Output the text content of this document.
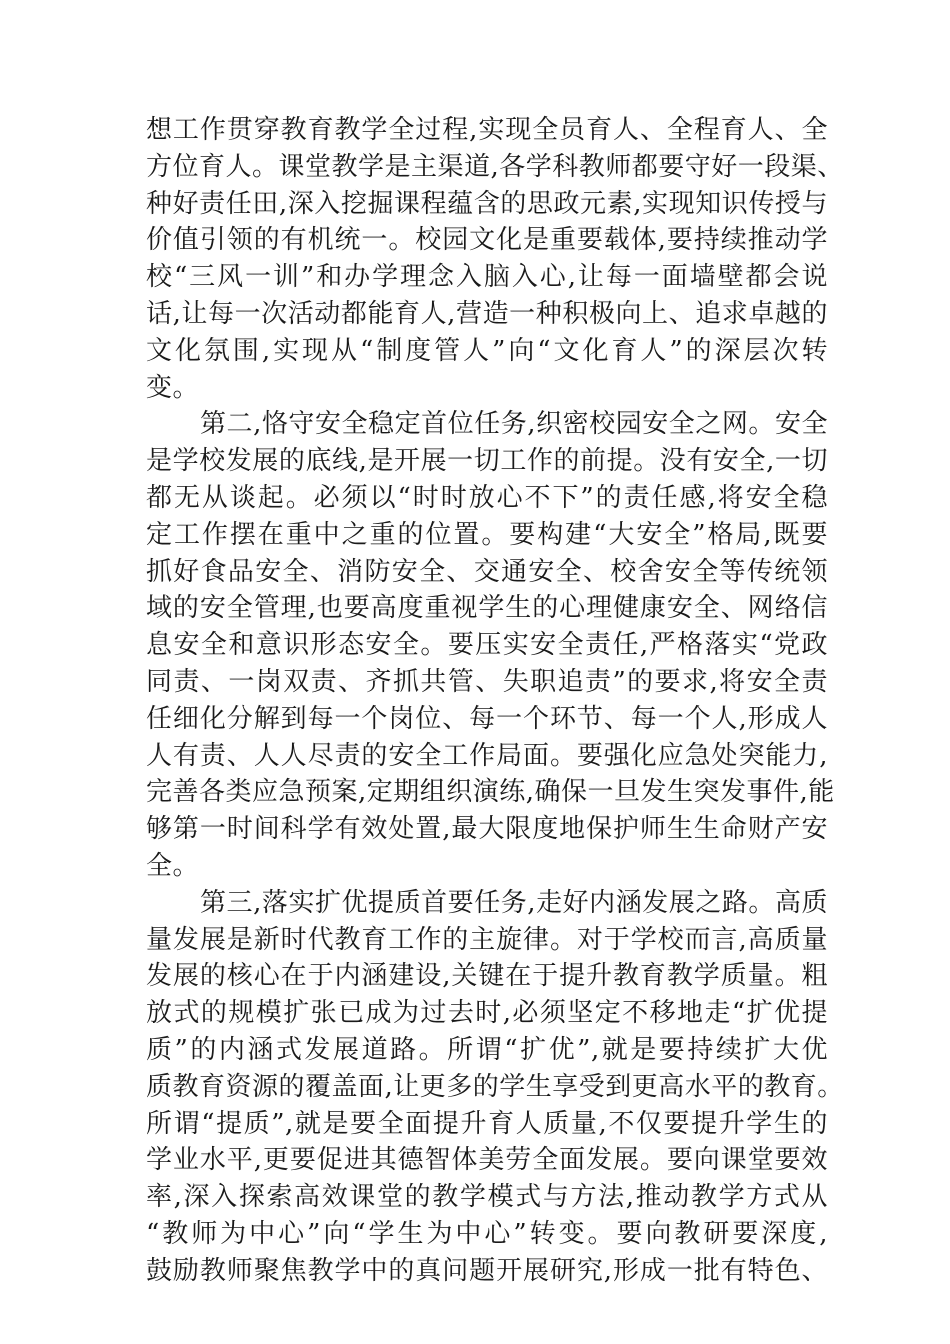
想工作贯穿教育教学全过程,实现全员育人、全程育人、全
方位育人。课堂教学是主渠道,各学科教师都要守好一段渠、
种好责任田,深入挖掘课程蕴含的思政元素,实现知识传授与
价值引领的有机统一。校园文化是重要载体,要持续推动学
校“三风一训”和办学理念入脑入心,让每一面墙壁都会说
话,让每一次活动都能育人,营造一种积极向上、追求卓越的
文化氛围,实现从“制度管人”向“文化育人”的深层次转
变。
第二,恪守安全稳定首位任务,织密校园安全之网。安全
是学校发展的底线,是开展一切工作的前提。没有安全,一切
都无从谈起。必须以“时时放心不下”的责任感,将安全稳
定工作摆在重中之重的位置。要构建“大安全”格局,既要
抓好食品安全、消防安全、交通安全、校舍安全等传统领
域的安全管理,也要高度重视学生的心理健康安全、网络信
息安全和意识形态安全。要压实安全责任,严格落实“党政
同责、一岗双责、齐抓共管、失职追责”的要求,将安全责
任细化分解到每一个岗位、每一个环节、每一个人,形成人
人有责、人人尽责的安全工作局面。要强化应急处突能力,
完善各类应急预案,定期组织演练,确保一旦发生突发事件,能
够第一时间科学有效处置,最大限度地保护师生生命财产安
全。
第三,落实扩优提质首要任务,走好内涵发展之路。高质
量发展是新时代教育工作的主旋律。对于学校而言,高质量
发展的核心在于内涵建设,关键在于提升教育教学质量。粗
放式的规模扩张已成为过去时,必须坚定不移地走“扩优提
质”的内涵式发展道路。所谓“扩优”,就是要持续扩大优
质教育资源的覆盖面,让更多的学生享受到更高水平的教育。
所谓“提质”,就是要全面提升育人质量,不仅要提升学生的
学业水平,更要促进其德智体美劳全面发展。要向课堂要效
率,深入探索高效课堂的教学模式与方法,推动教学方式从
“教师为中心”向“学生为中心”转变。要向教研要深度,
鼓励教师聚焦教学中的真问题开展研究,形成一批有特色、
